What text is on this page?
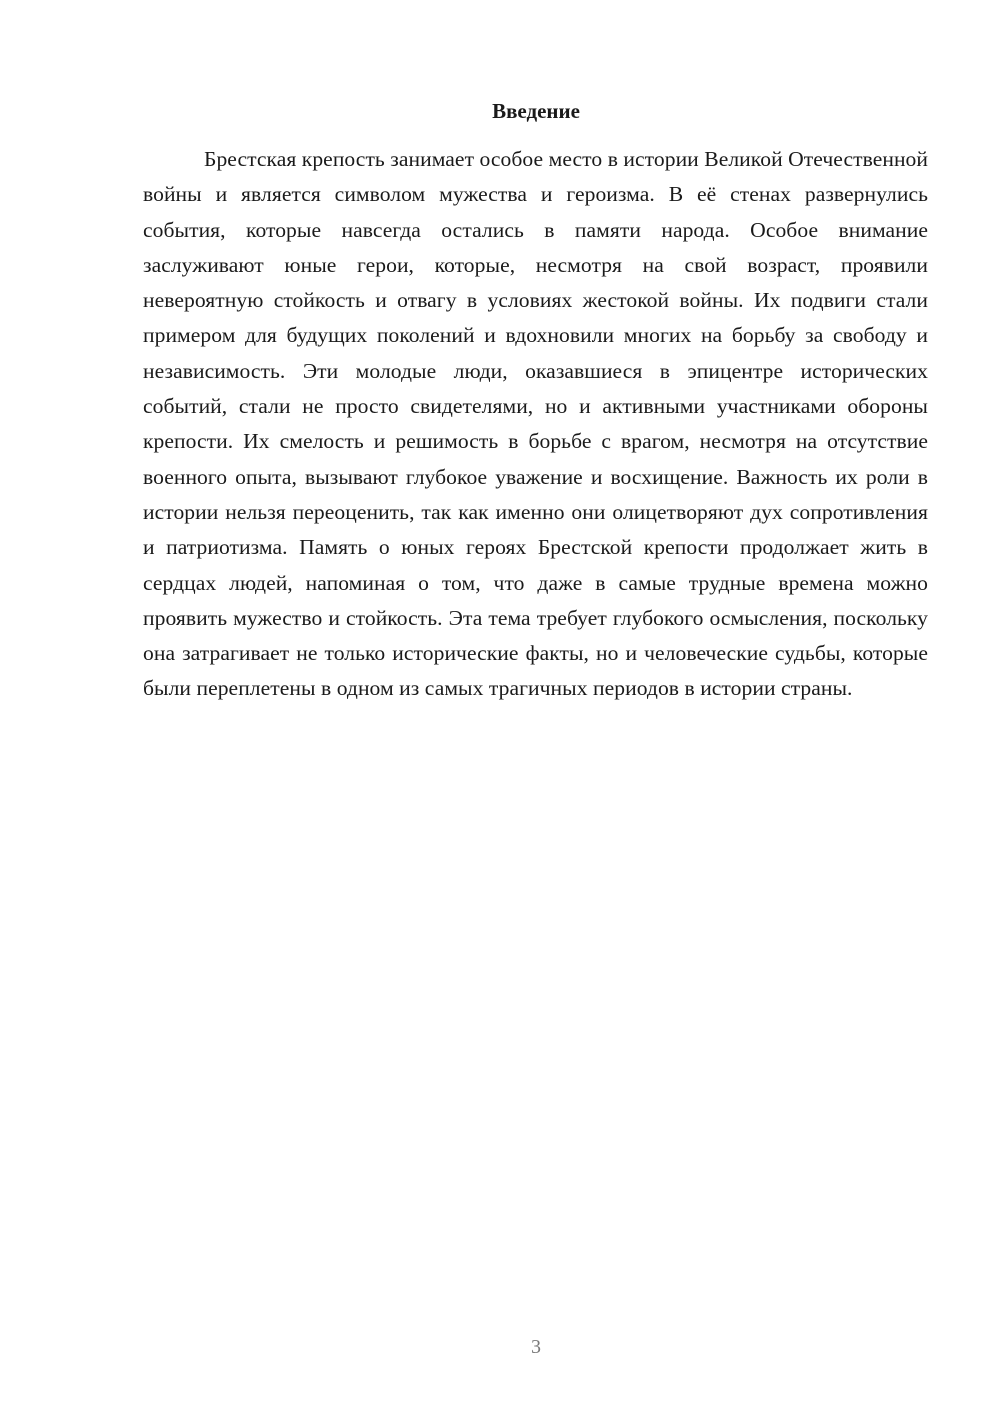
Введение

Брестская крепость занимает особое место в истории Великой Отечественной войны и является символом мужества и героизма. В её стенах развернулись события, которые навсегда остались в памяти народа. Особое внимание заслуживают юные герои, которые, несмотря на свой возраст, проявили невероятную стойкость и отвагу в условиях жестокой войны. Их подвиги стали примером для будущих поколений и вдохновили многих на борьбу за свободу и независимость. Эти молодые люди, оказавшиеся в эпицентре исторических событий, стали не просто свидетелями, но и активными участниками обороны крепости. Их смелость и решимость в борьбе с врагом, несмотря на отсутствие военного опыта, вызывают глубокое уважение и восхищение. Важность их роли в истории нельзя переоценить, так как именно они олицетворяют дух сопротивления и патриотизма. Память о юных героях Брестской крепости продолжает жить в сердцах людей, напоминая о том, что даже в самые трудные времена можно проявить мужество и стойкость. Эта тема требует глубокого осмысления, поскольку она затрагивает не только исторические факты, но и человеческие судьбы, которые были переплетены в одном из самых трагичных периодов в истории страны.

3
